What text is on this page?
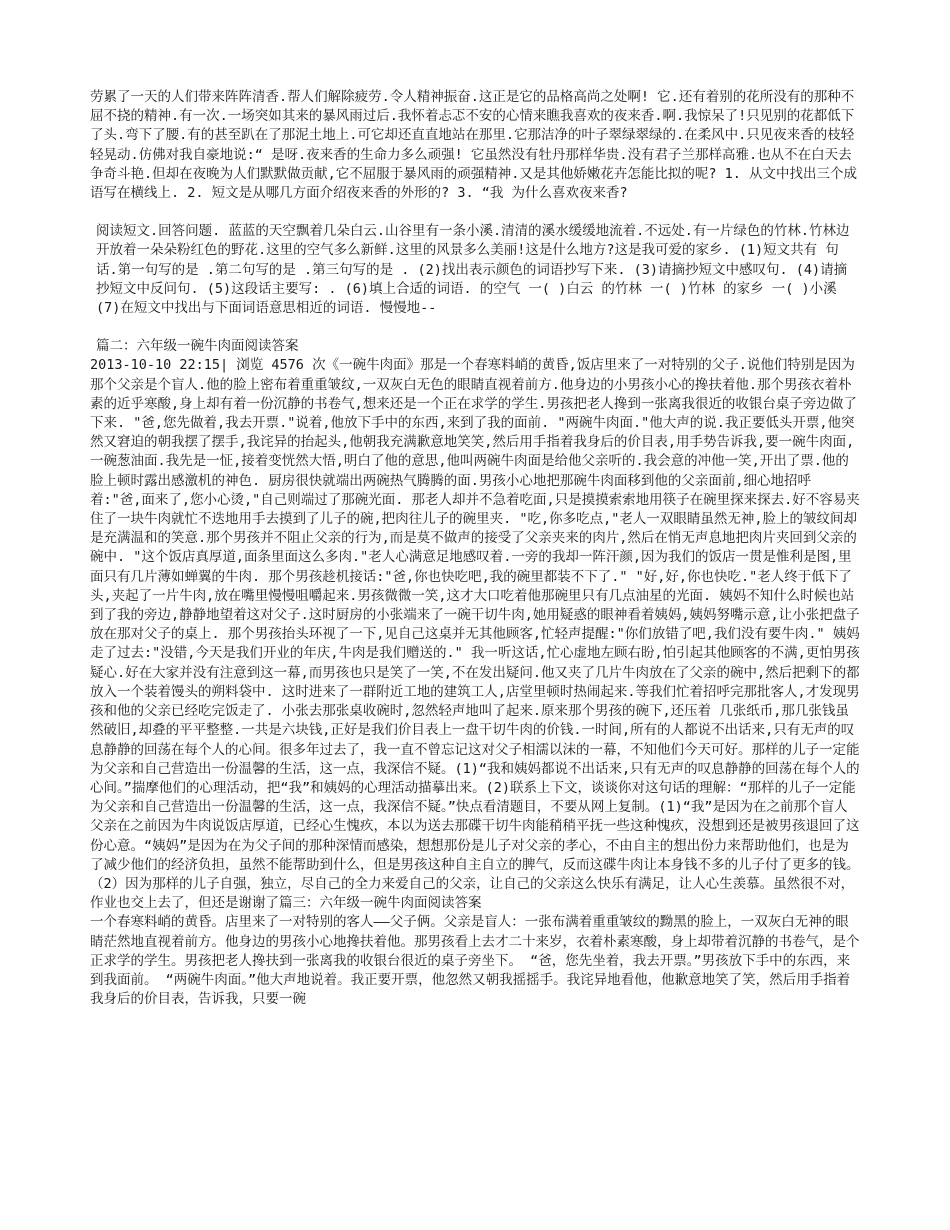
劳累了一天的人们带来阵阵清香.帮人们解除疲劳.令人精神振奋.这正是它的品格高尚之处啊! 它.还有着别的花所没有的那种不屈不挠的精神.有一次.一场突如其来的暴风雨过后.我怀着忐忑不安的心情来瞧我喜欢的夜来香.啊.我惊呆了!只见别的花都低下了头.弯下了腰.有的甚至趴在了那泥土地上.可它却还直直地站在那里.它那洁净的叶子翠绿翠绿的.在柔风中.只见夜来香的枝轻轻晃动.仿佛对我自豪地说:“ 是呀.夜来香的生命力多么顽强! 它虽然没有牡丹那样华贵.没有君子兰那样高雅.也从不在白天去争奇斗艳.但却在夜晚为人们默默做贡献,它不屈服于暴风雨的顽强精神.又是其他娇嫩花卉怎能比拟的呢? 1. 从文中找出三个成语写在横线上. 2. 短文是从哪几方面介绍夜来香的外形的? 3. “我 为什么喜欢夜来香?

阅读短文.回答问题. 蓝蓝的天空飘着几朵白云.山谷里有一条小溪.清清的溪水缓缓地流着.不远处.有一片绿色的竹林.竹林边开放着一朵朵粉红色的野花.这里的空气多么新鲜.这里的风景多么美丽!这是什么地方?这是我可爱的家乡. (1)短文共有 句话.第一句写的是 .第二句写的是 .第三句写的是 . (2)找出表示颜色的词语抄写下来. (3)请摘抄短文中感叹句. (4)请摘抄短文中反问句. (5)这段话主要写: . (6)填上合适的词语. 的空气 一( )白云 的竹林 一( )竹林 的家乡 一( )小溪 (7)在短文中找出与下面词语意思相近的词语. 慢慢地--

篇二：六年级一碗牛肉面阅读答案

2013-10-10 22:15| 浏览 4576 次《一碗牛肉面》那是一个春寒料峭的黄昏,饭店里来了一对特别的父子.说他们特别是因为那个父亲是个盲人.他的脸上密布着重重皱纹,一双灰白无色的眼睛直视着前方.他身边的小男孩小心的搀扶着他.那个男孩衣着朴素的近乎寒酸,身上却有着一份沉静的书卷气,想来还是一个正在求学的学生.男孩把老人搀到一张离我很近的收银台桌子旁边做了下来. "爸,您先做着,我去开票."说着,他放下手中的东西,来到了我的面前. "两碗牛肉面."他大声的说.我正要低头开票,他突然又窘迫的朝我摆了摆手,我诧异的抬起头,他朝我充满歉意地笑笑,然后用手指着我身后的价目表,用手势告诉我,要一碗牛肉面,一碗葱油面.我先是一怔,接着变恍然大悟,明白了他的意思,他叫两碗牛肉面是给他父亲听的.我会意的冲他一笑,开出了票.他的脸上顿时露出感激机的神色. 厨房很快就端出两碗热气腾腾的面.男孩小心地把那碗牛肉面移到他的父亲面前,细心地招呼着:"爸,面来了,您小心烫,"自己则端过了那碗光面. 那老人却并不急着吃面,只是摸摸索索地用筷子在碗里探来探去.好不容易夹住了一块牛肉就忙不迭地用手去摸到了儿子的碗,把肉往儿子的碗里夹. "吃,你多吃点,"老人一双眼睛虽然无神,脸上的皱纹间却是充满温和的笑意.那个男孩并不阻止父亲的行为,而是莫不做声的接受了父亲夹来的肉片,然后在悄无声息地把肉片夹回到父亲的碗中. "这个饭店真厚道,面条里面这么多肉."老人心满意足地感叹着.一旁的我却一阵汗颜,因为我们的饭店一贯是惟利是图,里面只有几片薄如蝉翼的牛肉. 那个男孩趁机接话:"爸,你也快吃吧,我的碗里都装不下了." "好,好,你也快吃."老人终于低下了头,夹起了一片牛肉,放在嘴里慢慢咀嚼起来.男孩微微一笑,这才大口吃着他那碗里只有几点油星的光面. 姨妈不知什么时候也站到了我的旁边,静静地望着这对父子.这时厨房的小张端来了一碗干切牛肉,她用疑惑的眼神看着姨妈,姨妈努嘴示意,让小张把盘子放在那对父子的桌上. 那个男孩抬头环视了一下,见自己这桌并无其他顾客,忙轻声提醒:"你们放错了吧,我们没有要牛肉." 姨妈走了过去:"没错,今天是我们开业的年庆,牛肉是我们赠送的." 我一听这话,忙心虚地左顾右盼,怕引起其他顾客的不满,更怕男孩疑心.好在大家并没有注意到这一幕,而男孩也只是笑了一笑,不在发出疑问.他又夹了几片牛肉放在了父亲的碗中,然后把剩下的都放入一个装着馒头的朔料袋中. 这时进来了一群附近工地的建筑工人,店堂里顿时热闹起来.等我们忙着招呼完那批客人,才发现男孩和他的父亲已经吃完饭走了. 小张去那张桌收碗时,忽然轻声地叫了起来.原来那个男孩的碗下,还压着 几张纸币,那几张钱虽然破旧,却叠的平平整整.一共是六块钱,正好是我们价目表上一盘干切牛肉的价钱.一时间,所有的人都说不出话来,只有无声的叹息静静的回荡在每个人的心间。很多年过去了，我一直不曾忘记这对父子相濡以沫的一幕，不知他们今天可好。那样的儿子一定能为父亲和自己营造出一份温馨的生活，这一点，我深信不疑。(1)“我和姨妈都说不出话来,只有无声的叹息静静的回荡在每个人的心间。”揣摩他们的心理活动，把“我”和姨妈的心理活动描摹出来。(2)联系上下文，谈谈你对这句话的理解：“那样的儿子一定能为父亲和自己营造出一份温馨的生活，这一点，我深信不疑。”快点看清题目，不要从网上复制。(1)“我”是因为在之前那个盲人父亲在之前因为牛肉说饭店厚道，已经心生愧疚，本以为送去那碟干切牛肉能稍稍平抚一些这种愧疚，没想到还是被男孩退回了这份心意。“姨妈”是因为在为父子间的那种深情而感染，想想那份是儿子对父亲的孝心，不由自主的想出份力来帮助他们，也是为了减少他们的经济负担，虽然不能帮助到什么，但是男孩这种自主自立的脾气，反而这碟牛肉让本身钱不多的儿子付了更多的钱。（2）因为那样的儿子自强，独立，尽自己的全力来爱自己的父亲，让自己的父亲这么快乐有满足，让人心生羡慕。虽然很不对，作业也交上去了，但还是谢谢了篇三：六年级一碗牛肉面阅读答案

一个春寒料峭的黄昏。店里来了一对特别的客人——父子俩。父亲是盲人：一张布满着重重皱纹的黝黑的脸上，一双灰白无神的眼睛茫然地直视着前方。他身边的男孩小心地搀扶着他。那男孩看上去才二十来岁，衣着朴素寒酸，身上却带着沉静的书卷气，是个正求学的学生。男孩把老人搀扶到一张离我的收银台很近的桌子旁坐下。 “爸，您先坐着，我去开票。”男孩放下手中的东西，来到我面前。 “两碗牛肉面。”他大声地说着。我正要开票，他忽然又朝我摇摇手。我诧异地看他，他歉意地笑了笑，然后用手指着我身后的价目表，告诉我，只要一碗
